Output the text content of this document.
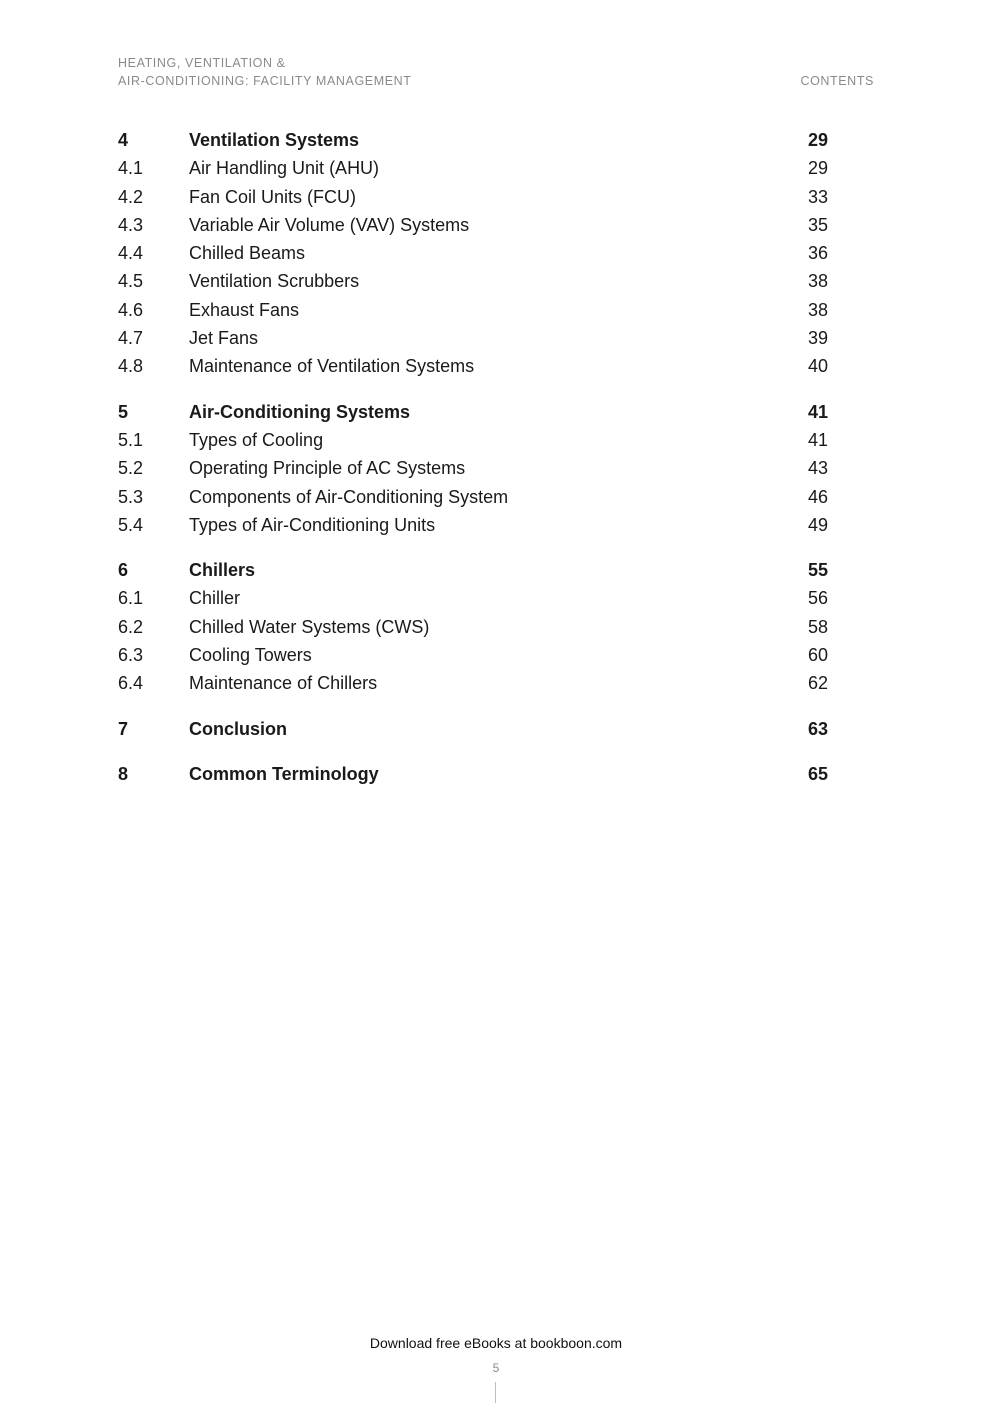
HEATING, VENTILATION &
AIR-CONDITIONING: FACILITY MANAGEMENT	CONTENTS
4	Ventilation Systems	29
4.1	Air Handling Unit (AHU)	29
4.2	Fan Coil Units (FCU)	33
4.3	Variable Air Volume (VAV) Systems	35
4.4	Chilled Beams	36
4.5	Ventilation Scrubbers	38
4.6	Exhaust Fans	38
4.7	Jet Fans	39
4.8	Maintenance of Ventilation Systems	40
5	Air-Conditioning Systems	41
5.1	Types of Cooling	41
5.2	Operating Principle of AC Systems	43
5.3	Components of Air-Conditioning System	46
5.4	Types of Air-Conditioning Units	49
6	Chillers	55
6.1	Chiller	56
6.2	Chilled Water Systems (CWS)	58
6.3	Cooling Towers	60
6.4	Maintenance of Chillers	62
7	Conclusion	63
8	Common Terminology	65
Download free eBooks at bookboon.com
5
